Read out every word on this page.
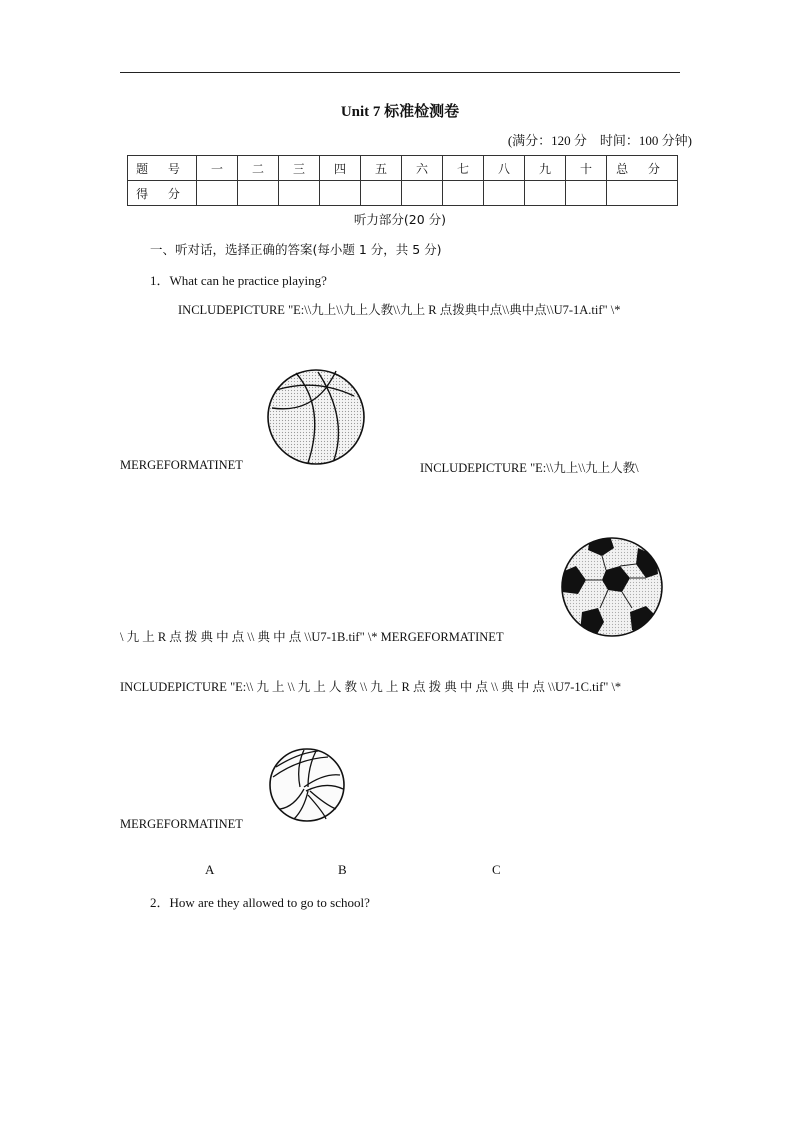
Unit 7 标准检测卷
(满分：120 分　时间：100 分钟)
题 号	一	二	三	四	五	六	七	八	九	十	总 分
得 分											
听力部分(20 分)
一、听对话，选择正确的答案(每小题 1 分，共 5 分)
1．What can he practice playing?
INCLUDEPICTURE "E:\\九上\\九上人教\\九上 R 点拨典中点\\典中点\\U7-1A.tif" \*
MERGEFORMATINET	INCLUDEPICTURE "E:\\九上\\九上人教\
\ 九 上 R 点 拨 典 中 点 \\ 典 中 点 \\U7-1B.tif" \* MERGEFORMATINET
INCLUDEPICTURE "E:\\ 九 上 \\ 九 上 人 教 \\ 九 上 R 点 拨 典 中 点 \\ 典 中 点 \\U7-1C.tif" \*
MERGEFORMATINET
A	B	C
2．How are they allowed to go to school?
